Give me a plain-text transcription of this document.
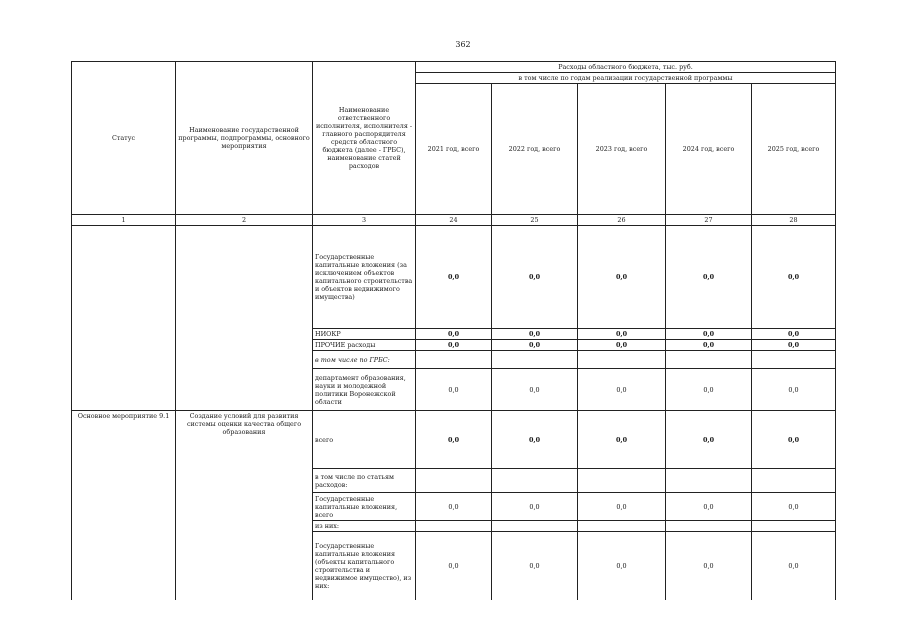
362
Статус	Наименование государственной программы, подпрограммы, основного мероприятия	Наименование ответственного исполнителя, исполнителя - главного распорядителя средств областного бюджета (далее - ГРБС), наименование статей расходов	Расходы областного бюджета, тыс. руб.				
			в том числе по годам реализации государственной программы				
			2021 год, всего	2022 год, всего	2023 год, всего	2024 год, всего	2025 год, всего
1	2	3	24	25	26	27	28
		Государственные капитальные вложения (за исключением объектов капитального строительства и объектов недвижимого имущества)	0,0	0,0	0,0	0,0	0,0
		НИОКР	0,0	0,0	0,0	0,0	0,0
		ПРОЧИЕ расходы	0,0	0,0	0,0	0,0	0,0
		в том числе по ГРБС:					
		департамент образования, науки и молодежной политики Воронежской области	0,0	0,0	0,0	0,0	0,0
Основное мероприятие 9.1	Создание условий для развития системы оценки качества общего образования	всего	0,0	0,0	0,0	0,0	0,0
		в том числе по статьям расходов:					
		Государственные капитальные вложения, всего	0,0	0,0	0,0	0,0	0,0
		из них:					
		Государственные капитальные вложения (объекты капитального строительства и недвижимое имущество), из них:	0,0	0,0	0,0	0,0	0,0
